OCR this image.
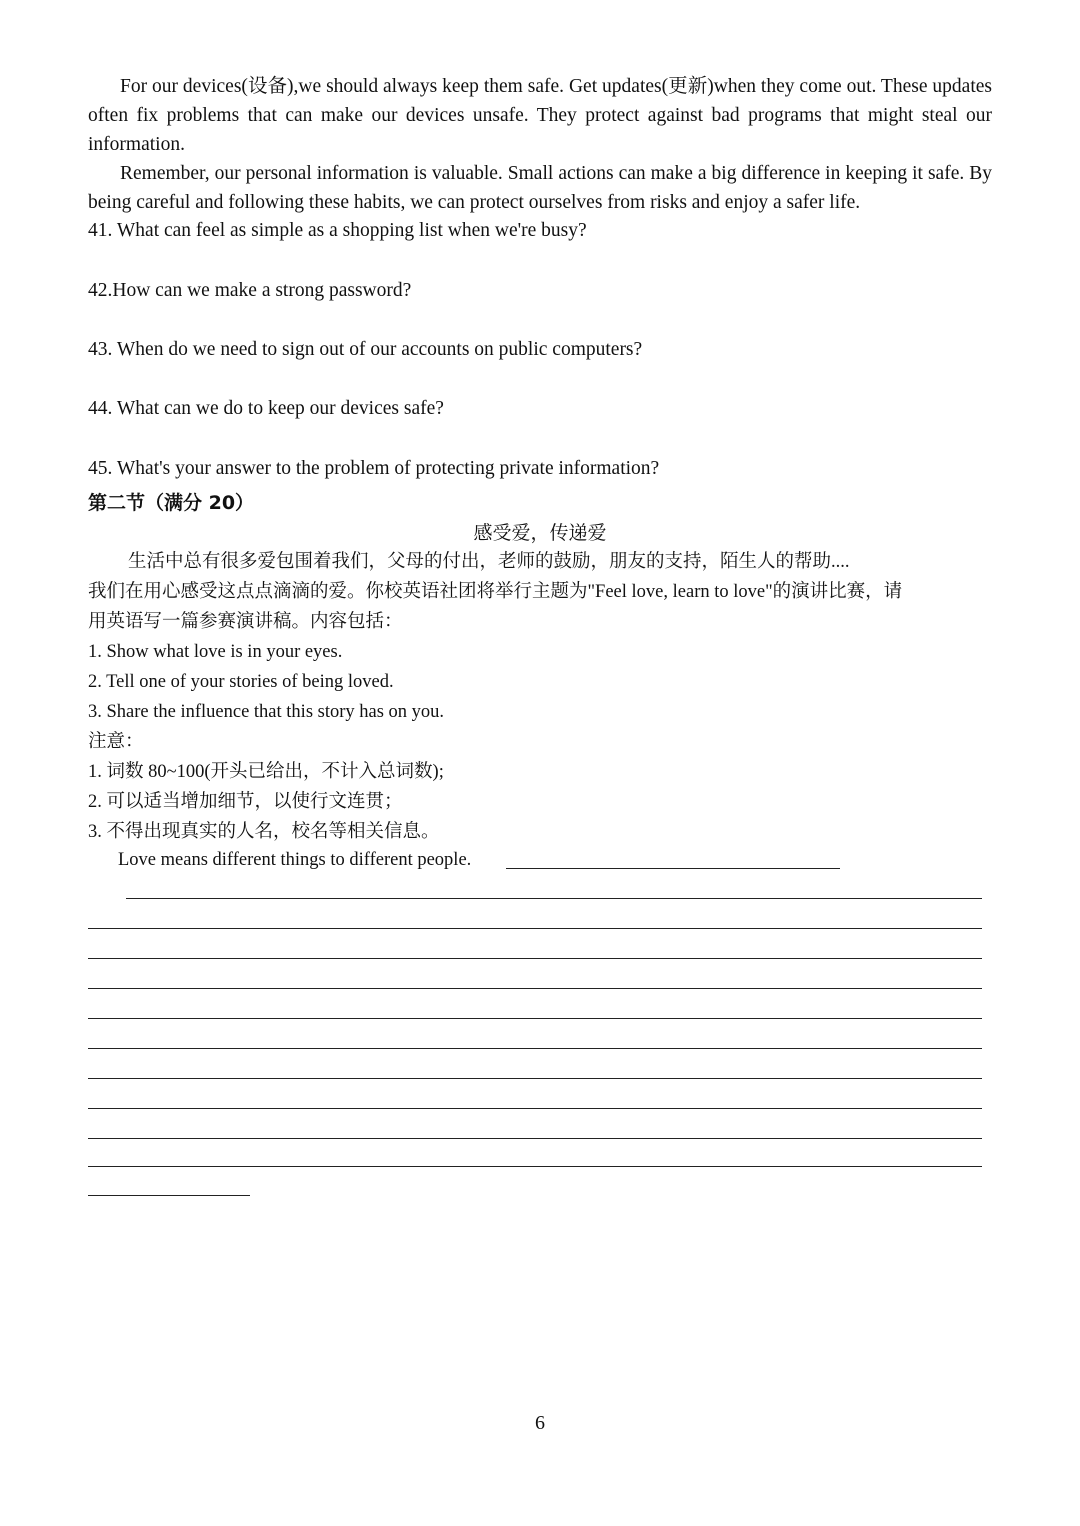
For our devices(设备),we should always keep them safe. Get updates(更新)when they come out. These updates often fix problems that can make our devices unsafe. They protect against bad programs that might steal our information.

Remember, our personal information is valuable. Small actions can make a big difference in keeping it safe. By being careful and following these habits, we can protect ourselves from risks and enjoy a safer life.

41. What can feel as simple as a shopping list when we're busy?

42.How can we make a strong password?

43. When do we need to sign out of our accounts on public computers?

44. What can we do to keep our devices safe?

45. What's your answer to the problem of protecting private information?

第二节（满分 20）

感受爱，传递爱

生活中总有很多爱包围着我们，父母的付出，老师的鼓励，朋友的支持，陌生人的帮助....

我们在用心感受这点点滴滴的爱。你校英语社团将举行主题为"Feel love, learn to love"的演讲比赛，请

用英语写一篇参赛演讲稿。内容包括：

1. Show what love is in your eyes.

2. Tell one of your stories of being loved.

3. Share the influence that this story has on you.

注意：

1. 词数 80~100(开头已给出，不计入总词数);

2. 可以适当增加细节，以使行文连贯；

3. 不得出现真实的人名，校名等相关信息。

Love means different things to different people.

6
